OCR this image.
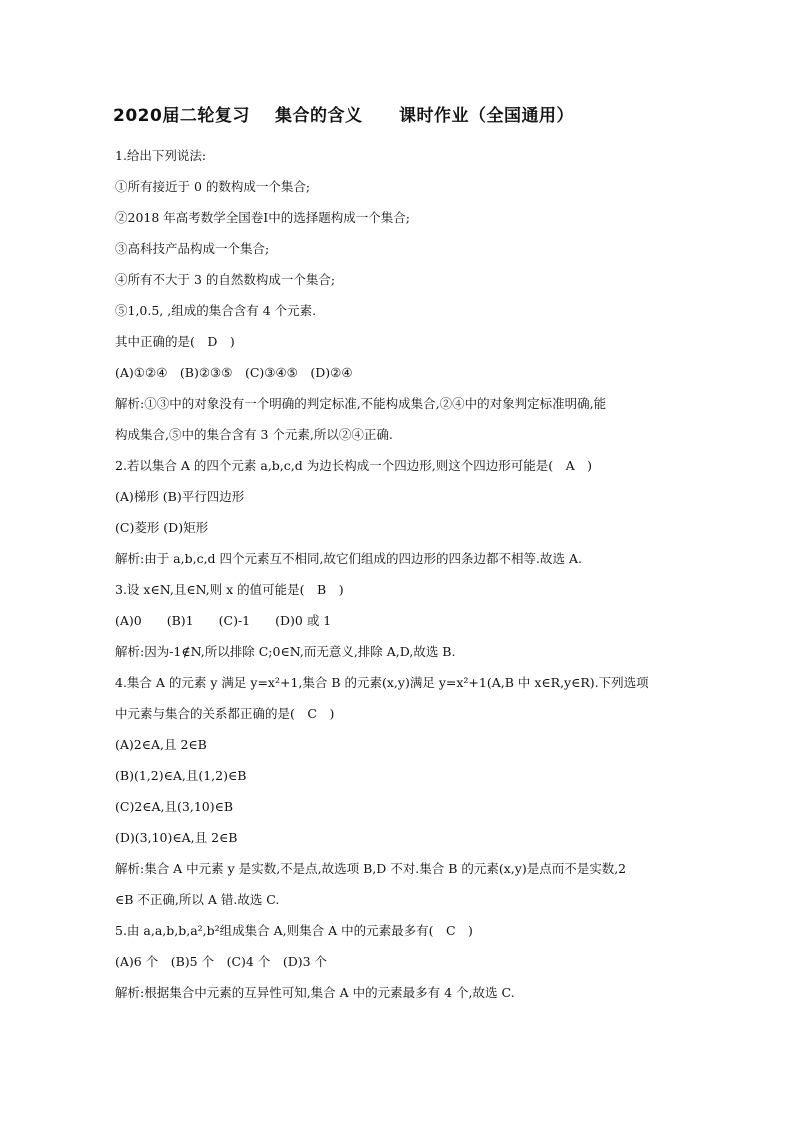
2020届二轮复习 集合的含义 课时作业（全国通用）
1.给出下列说法:
①所有接近于 0 的数构成一个集合;
②2018 年高考数学全国卷Ⅰ中的选择题构成一个集合;
③高科技产品构成一个集合;
④所有不大于 3 的自然数构成一个集合;
⑤1,0.5, ,组成的集合含有 4 个元素.
其中正确的是(　D　)
(A)①②④　(B)②③⑤　(C)③④⑤　(D)②④
解析:①③中的对象没有一个明确的判定标准,不能构成集合,②④中的对象判定标准明确,能
构成集合,⑤中的集合含有 3 个元素,所以②④正确.
2.若以集合 A 的四个元素 a,b,c,d 为边长构成一个四边形,则这个四边形可能是(　A　)
(A)梯形 (B)平行四边形
(C)菱形 (D)矩形
解析:由于 a,b,c,d 四个元素互不相同,故它们组成的四边形的四条边都不相等.故选 A.
3.设 x∈N,且∈N,则 x 的值可能是(　B　)
(A)0　　(B)1　　(C)-1　　(D)0 或 1
解析:因为-1∉N,所以排除 C;0∈N,而无意义,排除 A,D,故选 B.
4.集合 A 的元素 y 满足 y=x²+1,集合 B 的元素(x,y)满足 y=x²+1(A,B 中 x∈R,y∈R).下列选项
中元素与集合的关系都正确的是(　C　)
(A)2∈A,且 2∈B
(B)(1,2)∈A,且(1,2)∈B
(C)2∈A,且(3,10)∈B
(D)(3,10)∈A,且 2∈B
解析:集合 A 中元素 y 是实数,不是点,故选项 B,D 不对.集合 B 的元素(x,y)是点而不是实数,2
∈B 不正确,所以 A 错.故选 C.
5.由 a,a,b,b,a²,b²组成集合 A,则集合 A 中的元素最多有(　C　)
(A)6 个　(B)5 个　(C)4 个　(D)3 个
解析:根据集合中元素的互异性可知,集合 A 中的元素最多有 4 个,故选 C.
